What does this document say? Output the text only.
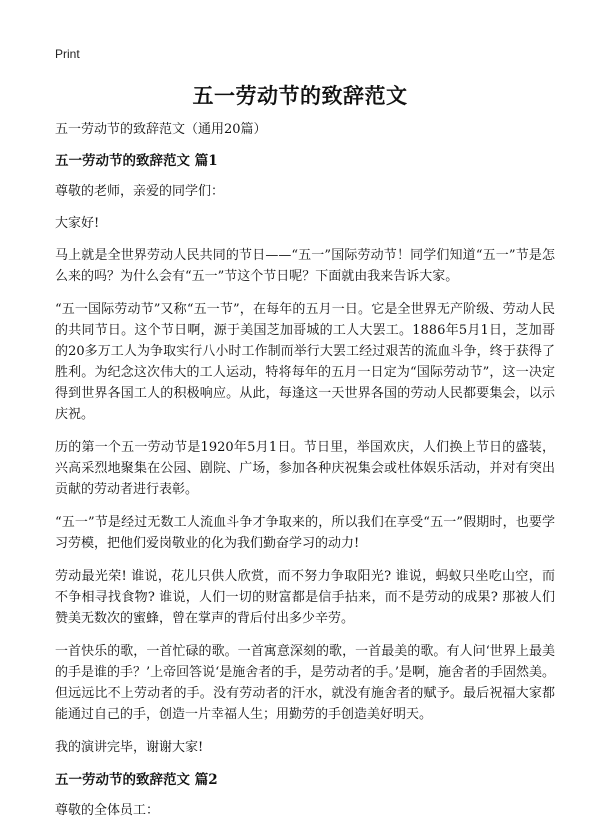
Print
五一劳动节的致辞范文

五一劳动节的致辞范文（通用20篇）

五一劳动节的致辞范文 篇1

尊敬的老师，亲爱的同学们：

大家好!

马上就是全世界劳动人民共同的节日——“五一”国际劳动节！同学们知道“五一”节是怎么来的吗？为什么会有“五一”节这个节日呢？下面就由我来告诉大家。

“五一国际劳动节”又称“五一节”，在每年的五月一日。它是全世界无产阶级、劳动人民的共同节日。这个节日啊，源于美国芝加哥城的工人大罢工。1886年5月1日，芝加哥的20多万工人为争取实行八小时工作制而举行大罢工经过艰苦的流血斗争，终于获得了胜利。为纪念这次伟大的工人运动，特将每年的五月一日定为“国际劳动节”，这一决定得到世界各国工人的积极响应。从此，每逢这一天世界各国的劳动人民都要集会，以示庆祝。

历的第一个五一劳动节是1920年5月1日。节日里，举国欢庆，人们换上节日的盛装，兴高采烈地聚集在公园、剧院、广场，参加各种庆祝集会或杜体娱乐活动，并对有突出贡献的劳动者进行表彰。

“五一”节是经过无数工人流血斗争才争取来的，所以我们在享受“五一”假期时，也要学习劳模，把他们爱岗敬业的化为我们勤奋学习的动力!

劳动最光荣! 谁说，花儿只供人欣赏，而不努力争取阳光? 谁说，蚂蚁只坐吃山空，而不争相寻找食物? 谁说，人们一切的财富都是信手拈来，而不是劳动的成果? 那被人们赞美无数次的蜜蜂，曾在掌声的背后付出多少辛劳。

一首快乐的歌，一首忙碌的歌。一首寓意深刻的歌，一首最美的歌。有人问‘世界上最美的手是谁的手？’上帝回答说‘是施舍者的手，是劳动者的手。’是啊，施舍者的手固然美。但远远比不上劳动者的手。没有劳动者的汗水，就没有施舍者的赋予。最后祝福大家都能通过自己的手，创造一片幸福人生；用勤劳的手创造美好明天。

我的演讲完毕，谢谢大家!

五一劳动节的致辞范文 篇2

尊敬的全体员工：
